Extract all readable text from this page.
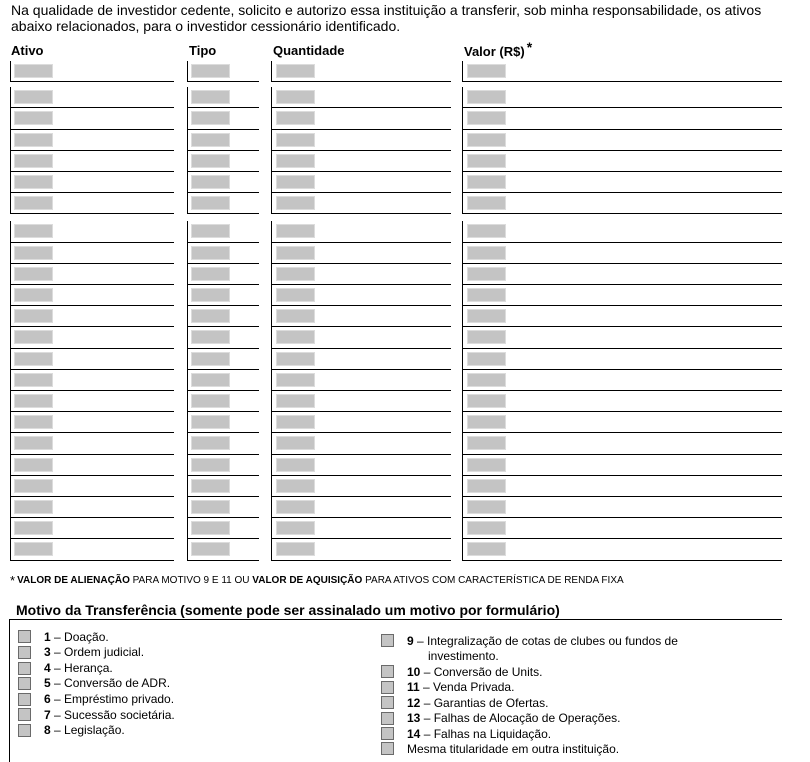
Na qualidade de investidor cedente, solicito e autorizo essa instituição a transferir, sob minha responsabilidade, os ativos abaixo relacionados, para o investidor cessionário identificado.
Ativo	Tipo	Quantidade	Valor (R$) *
* VALOR DE ALIENAÇÃO PARA MOTIVO 9 E 11 OU VALOR DE AQUISIÇÃO PARA ATIVOS COM CARACTERÍSTICA DE RENDA FIXA
Motivo da Transferência (somente pode ser assinalado um motivo por formulário)
1 – Doação.
3 – Ordem judicial.
4 – Herança.
5 – Conversão de ADR.
6 – Empréstimo privado.
7 – Sucessão societária.
8 – Legislação.
9 – Integralização de cotas de clubes ou fundos de
investimento.
10 – Conversão de Units.
11 – Venda Privada.
12 – Garantias de Ofertas.
13 – Falhas de Alocação de Operações.
14 – Falhas na Liquidação.
Mesma titularidade em outra instituição.
